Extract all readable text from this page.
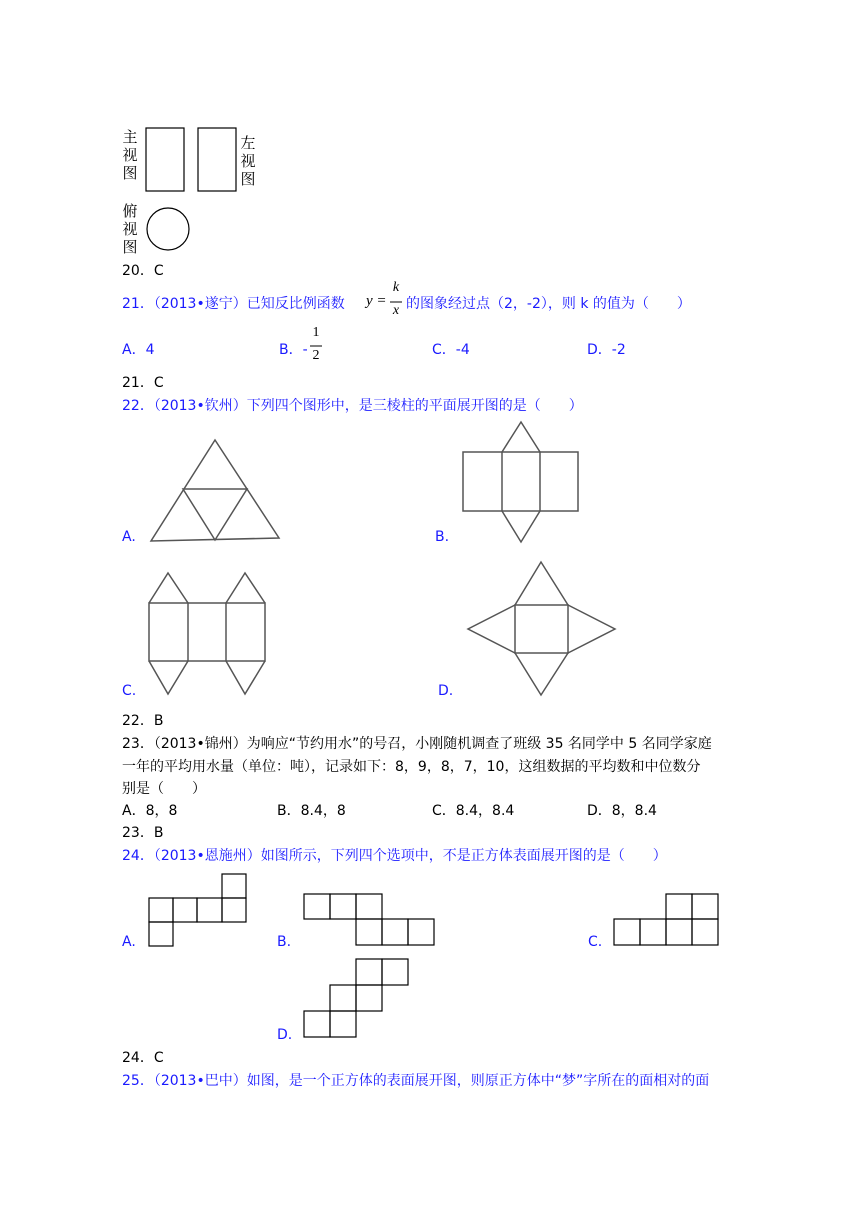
主
视
图
左
视
图
俯
视
图
20．C
21．（2013•遂宁）已知反比例函数 y =
k
x 的图象经过点（2，-2），则 k 的值为（　　）
A．4	B．-
1
2	C．-4	D．-2
21．C
22．（2013•钦州）下列四个图形中，是三棱柱的平面展开图的是（　　）
A.	B.
C.	D.
22．B
23．（2013•锦州）为响应“节约用水”的号召，小刚随机调查了班级 35 名同学中 5 名同学家庭
一年的平均用水量（单位：吨），记录如下：8，9，8，7，10，这组数据的平均数和中位数分
别是（　　）
A．8，8	B．8.4，8	C．8.4，8.4	D．8，8.4
23．B
24．（2013•恩施州）如图所示，下列四个选项中，不是正方体表面展开图的是（　　）
A.	B.	C.
D.
24．C
25．（2013•巴中）如图，是一个正方体的表面展开图，则原正方体中“梦”字所在的面相对的面
